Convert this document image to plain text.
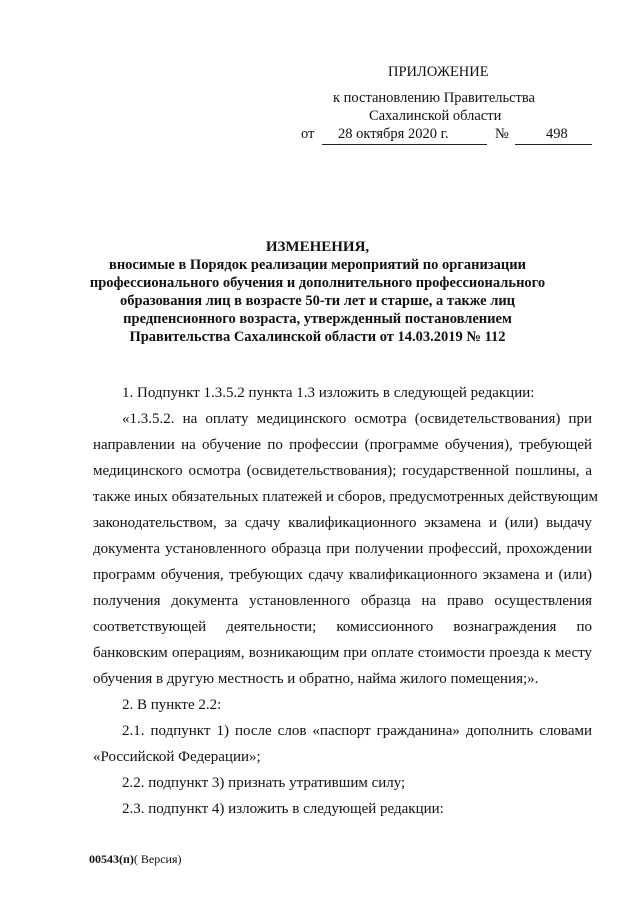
ПРИЛОЖЕНИЕ
к постановлению Правительства
Сахалинской области
от 28 октября 2020 г.	№	498
ИЗМЕНЕНИЯ,
вносимые в Порядок реализации мероприятий по организации
профессионального обучения и дополнительного профессионального
образования лиц в возрасте 50-ти лет и старше, а также лиц
предпенсионного возраста, утвержденный постановлением
Правительства Сахалинской области от 14.03.2019 № 112
1. Подпункт 1.3.5.2 пункта 1.3 изложить в следующей редакции:
«1.3.5.2. на оплату медицинского осмотра (освидетельствования) при
направлении на обучение по профессии (программе обучения), требующей
медицинского осмотра (освидетельствования); государственной пошлины, а
также иных обязательных платежей и сборов, предусмотренных действующим
законодательством, за сдачу квалификационного экзамена и (или) выдачу
документа установленного образца при получении профессий, прохождении
программ обучения, требующих сдачу квалификационного экзамена и (или)
получения документа установленного образца на право осуществления
соответствующей деятельности; комиссионного вознаграждения по
банковским операциям, возникающим при оплате стоимости проезда к месту
обучения в другую местность и обратно, найма жилого помещения;».
2. В пункте 2.2:
2.1. подпункт 1) после слов «паспорт гражданина» дополнить словами
«Российской Федерации»;
2.2. подпункт 3) признать утратившим силу;
2.3. подпункт 4) изложить в следующей редакции:
00543(п)( Версия)
